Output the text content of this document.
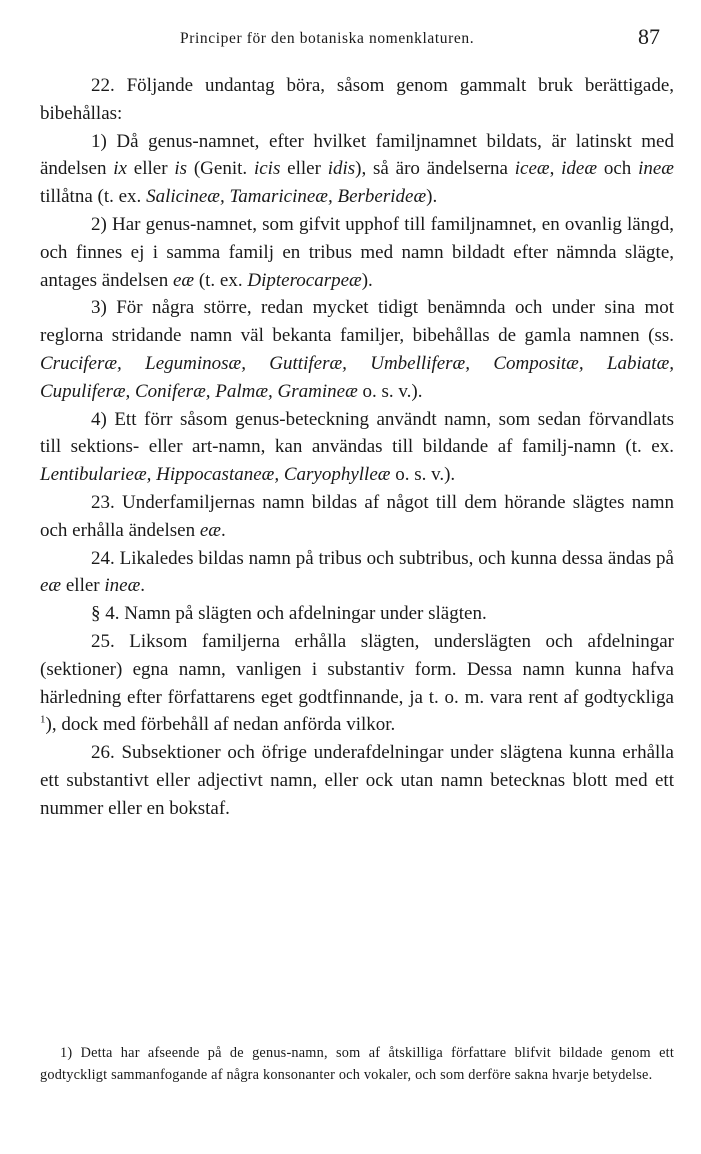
Principer för den botaniska nomenklaturen.	87

22. Följande undantag böra, såsom genom gammalt bruk berättigade, bibehållas:

1) Då genus-namnet, efter hvilket familjnamnet bildats, är latinskt med ändelsen ix eller is (Genit. icis eller idis), så äro ändelserna iceæ, ideæ och ineæ tillåtna (t. ex. Salicineæ, Tamaricineæ, Berberideæ).

2) Har genus-namnet, som gifvit upphof till familjnamnet, en ovanlig längd, och finnes ej i samma familj en tribus med namn bildadt efter nämnda slägte, antages ändelsen eæ (t. ex. Dipterocarpeæ).

3) För några större, redan mycket tidigt benämnda och under sina mot reglorna stridande namn väl bekanta familjer, bibehållas de gamla namnen (ss. Cruciferæ, Leguminosæ, Guttiferæ, Umbelliferæ, Compositæ, Labiatæ, Cupuliferæ, Coniferæ, Palmæ, Gramineæ o. s. v.).

4) Ett förr såsom genus-beteckning användt namn, som sedan förvandlats till sektions- eller art-namn, kan användas till bildande af familj-namn (t. ex. Lentibularieæ, Hippocastaneæ, Caryophylleæ o. s. v.).

23. Underfamiljernas namn bildas af något till dem hörande slägtes namn och erhålla ändelsen eæ.

24. Likaledes bildas namn på tribus och subtribus, och kunna dessa ändas på eæ eller ineæ.

§ 4. Namn på slägten och afdelningar under slägten.

25. Liksom familjerna erhålla slägten, underslägten och afdelningar (sektioner) egna namn, vanligen i substantiv form. Dessa namn kunna hafva härledning efter författarens eget godtfinnande, ja t. o. m. vara rent af godtyckliga $^1$), dock med förbehåll af nedan anförda vilkor.

26. Subsektioner och öfrige underafdelningar under slägtena kunna erhålla ett substantivt eller adjectivt namn, eller ock utan namn betecknas blott med ett nummer eller en bokstaf.

1) Detta har afseende på de genus-namn, som af åtskilliga författare blifvit bildade genom ett godtyckligt sammanfogande af några konsonanter och vokaler, och som derföre sakna hvarje betydelse.
